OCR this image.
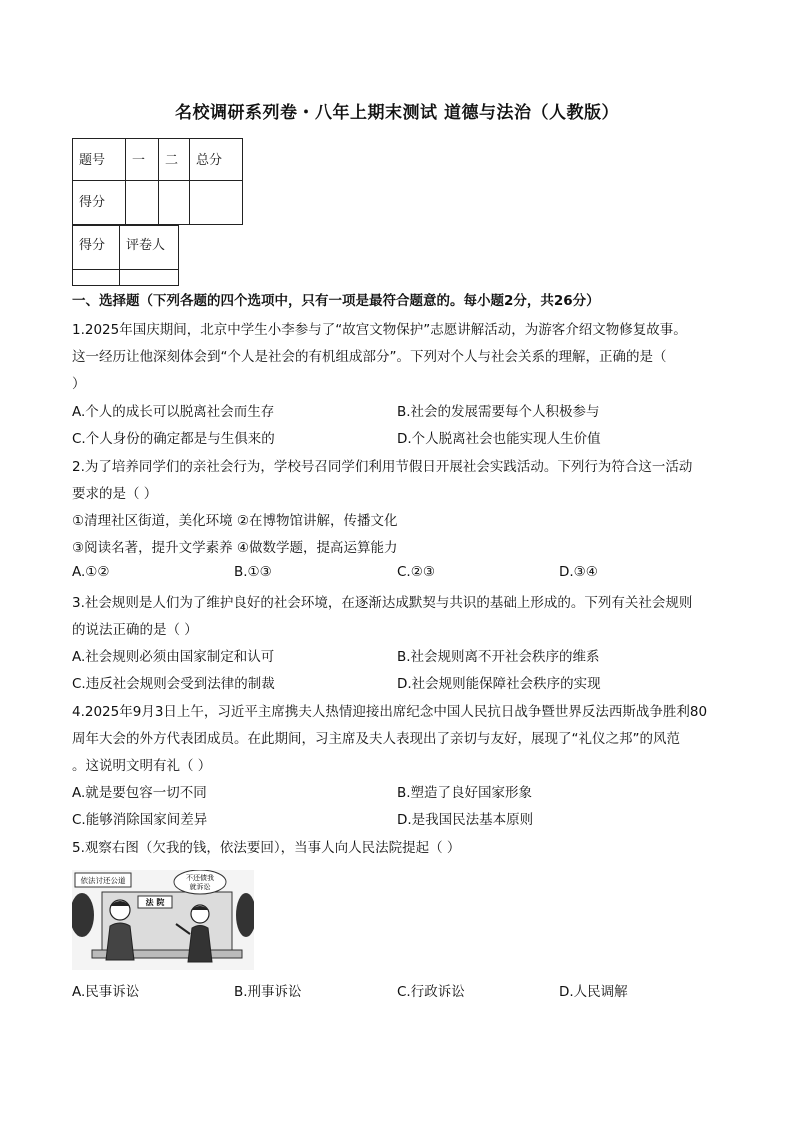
名校调研系列卷・八年上期末测试 道德与法治（人教版）
题号	一	二	总分
得分			
得分	评卷人

一、选择题（下列各题的四个选项中，只有一项是最符合题意的。每小题2分，共26分）
1.2025年国庆期间，北京中学生小李参与了“故宫文物保护”志愿讲解活动，为游客介绍文物修复故事。
这一经历让他深刻体会到“个人是社会的有机组成部分”。下列对个人与社会关系的理解，正确的是（
）
A.个人的成长可以脱离社会而生存	B.社会的发展需要每个人积极参与
C.个人身份的确定都是与生俱来的	D.个人脱离社会也能实现人生价值
2.为了培养同学们的亲社会行为，学校号召同学们利用节假日开展社会实践活动。下列行为符合这一活动
要求的是（ ）
①清理社区街道，美化环境 ②在博物馆讲解，传播文化
③阅读名著，提升文学素养 ④做数学题，提高运算能力
A.①②	B.①③	C.②③	D.③④
3.社会规则是人们为了维护良好的社会环境，在逐渐达成默契与共识的基础上形成的。下列有关社会规则
的说法正确的是（ ）
A.社会规则必须由国家制定和认可	B.社会规则离不开社会秩序的维系
C.违反社会规则会受到法律的制裁	D.社会规则能保障社会秩序的实现
4.2025年9月3日上午，习近平主席携夫人热情迎接出席纪念中国人民抗日战争暨世界反法西斯战争胜利80
周年大会的外方代表团成员。在此期间，习主席及夫人表现出了亲切与友好，展现了“礼仪之邦”的风范
。这说明文明有礼（ ）
A.就是要包容一切不同	B.塑造了良好国家形象
C.能够消除国家间差异	D.是我国民法基本原则
5.观察右图（欠我的钱，依法要回），当事人向人民法院提起（ ）
法 院
依法讨还公道	不还债我
就诉讼
A.民事诉讼	B.刑事诉讼	C.行政诉讼	D.人民调解
